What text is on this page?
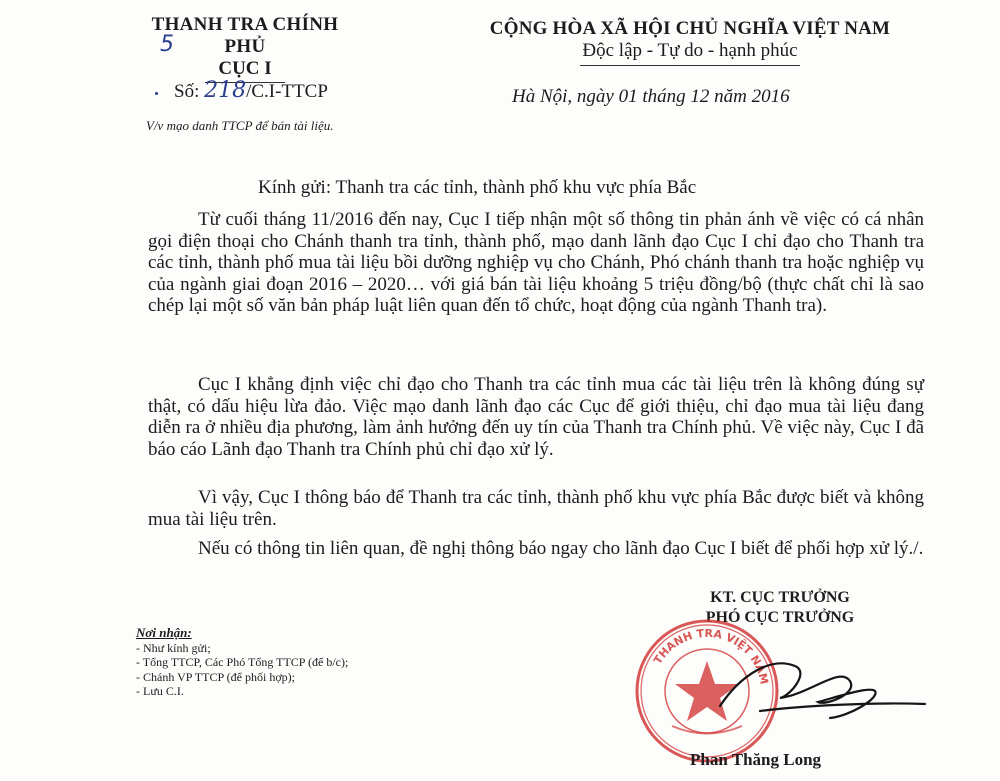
5
THANH TRA CHÍNH PHỦ
CỤC I
CỘNG HÒA XÃ HỘI CHỦ NGHĨA VIỆT NAM
Độc lập - Tự do - hạnh phúc
Số: 218/C.I-TTCP	Hà Nội, ngày 01 tháng 12 năm 2016
V/v mạo danh TTCP để bán tài liệu.
Kính gửi: Thanh tra các tỉnh, thành phố khu vực phía Bắc

Từ cuối tháng 11/2016 đến nay, Cục I tiếp nhận một số thông tin phản ánh về việc có cá nhân gọi điện thoại cho Chánh thanh tra tỉnh, thành phố, mạo danh lãnh đạo Cục I chỉ đạo cho Thanh tra các tỉnh, thành phố mua tài liệu bồi dưỡng nghiệp vụ cho Chánh, Phó chánh thanh tra hoặc nghiệp vụ của ngành giai đoạn 2016 – 2020… với giá bán tài liệu khoảng 5 triệu đồng/bộ (thực chất chỉ là sao chép lại một số văn bản pháp luật liên quan đến tổ chức, hoạt động của ngành Thanh tra).

Cục I khẳng định việc chỉ đạo cho Thanh tra các tỉnh mua các tài liệu trên là không đúng sự thật, có dấu hiệu lừa đảo. Việc mạo danh lãnh đạo các Cục để giới thiệu, chỉ đạo mua tài liệu đang diễn ra ở nhiều địa phương, làm ảnh hưởng đến uy tín của Thanh tra Chính phủ. Về việc này, Cục I đã báo cáo Lãnh đạo Thanh tra Chính phủ chỉ đạo xử lý.

Vì vậy, Cục I thông báo để Thanh tra các tỉnh, thành phố khu vực phía Bắc được biết và không mua tài liệu trên.

Nếu có thông tin liên quan, đề nghị thông báo ngay cho lãnh đạo Cục I biết để phối hợp xử lý./.

KT. CỤC TRƯỞNG
PHÓ CỤC TRƯỞNG
THANH TRA VIỆT NAM
Phan Thăng Long
Nơi nhận:
- Như kính gửi;
- Tổng TTCP, Các Phó Tổng TTCP (để b/c);
- Chánh VP TTCP (để phối hợp);
- Lưu C.I.
